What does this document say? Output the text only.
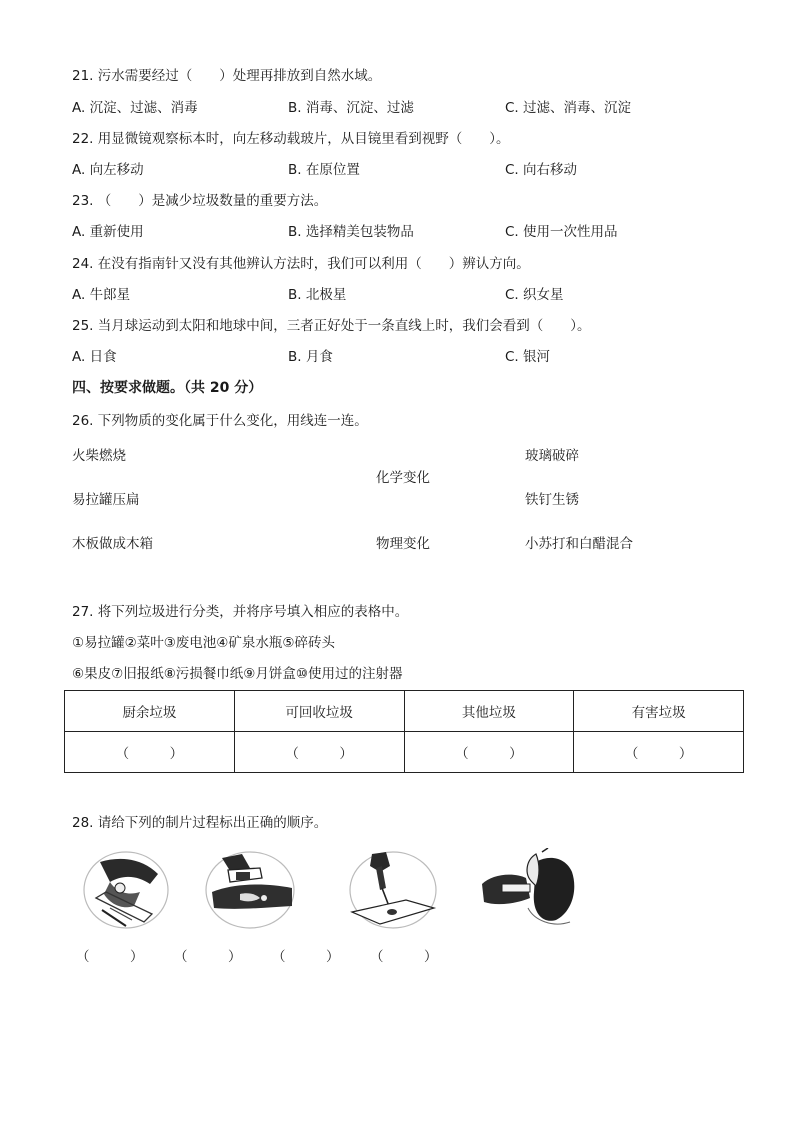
21. 污水需要经过（　　）处理再排放到自然水域。
A. 沉淀、过滤、消毒	B. 消毒、沉淀、过滤	C. 过滤、消毒、沉淀
22. 用显微镜观察标本时，向左移动载玻片，从目镜里看到视野（　　）。
A. 向左移动	B. 在原位置	C. 向右移动
23. （　　）是减少垃圾数量的重要方法。
A. 重新使用	B. 选择精美包装物品	C. 使用一次性用品
24. 在没有指南针又没有其他辨认方法时，我们可以利用（　　）辨认方向。
A. 牛郎星	B. 北极星	C. 织女星
25. 当月球运动到太阳和地球中间，三者正好处于一条直线上时，我们会看到（　　）。
A. 日食	B. 月食	C. 银河
四、按要求做题。（共 20 分）
26. 下列物质的变化属于什么变化，用线连一连。
火柴燃烧
易拉罐压扁
木板做成木箱
化学变化
物理变化
玻璃破碎
铁钉生锈
小苏打和白醋混合
27. 将下列垃圾进行分类，并将序号填入相应的表格中。
①易拉罐②菜叶③废电池④矿泉水瓶⑤碎砖头
⑥果皮⑦旧报纸⑧污损餐巾纸⑨月饼盒⑩使用过的注射器
厨余垃圾	可回收垃圾	其他垃圾	有害垃圾
（　　　）	（　　　）	（　　　）	（　　　）
28. 请给下列的制片过程标出正确的顺序。
（　　　） （　　　） （　　　） （　　　）
